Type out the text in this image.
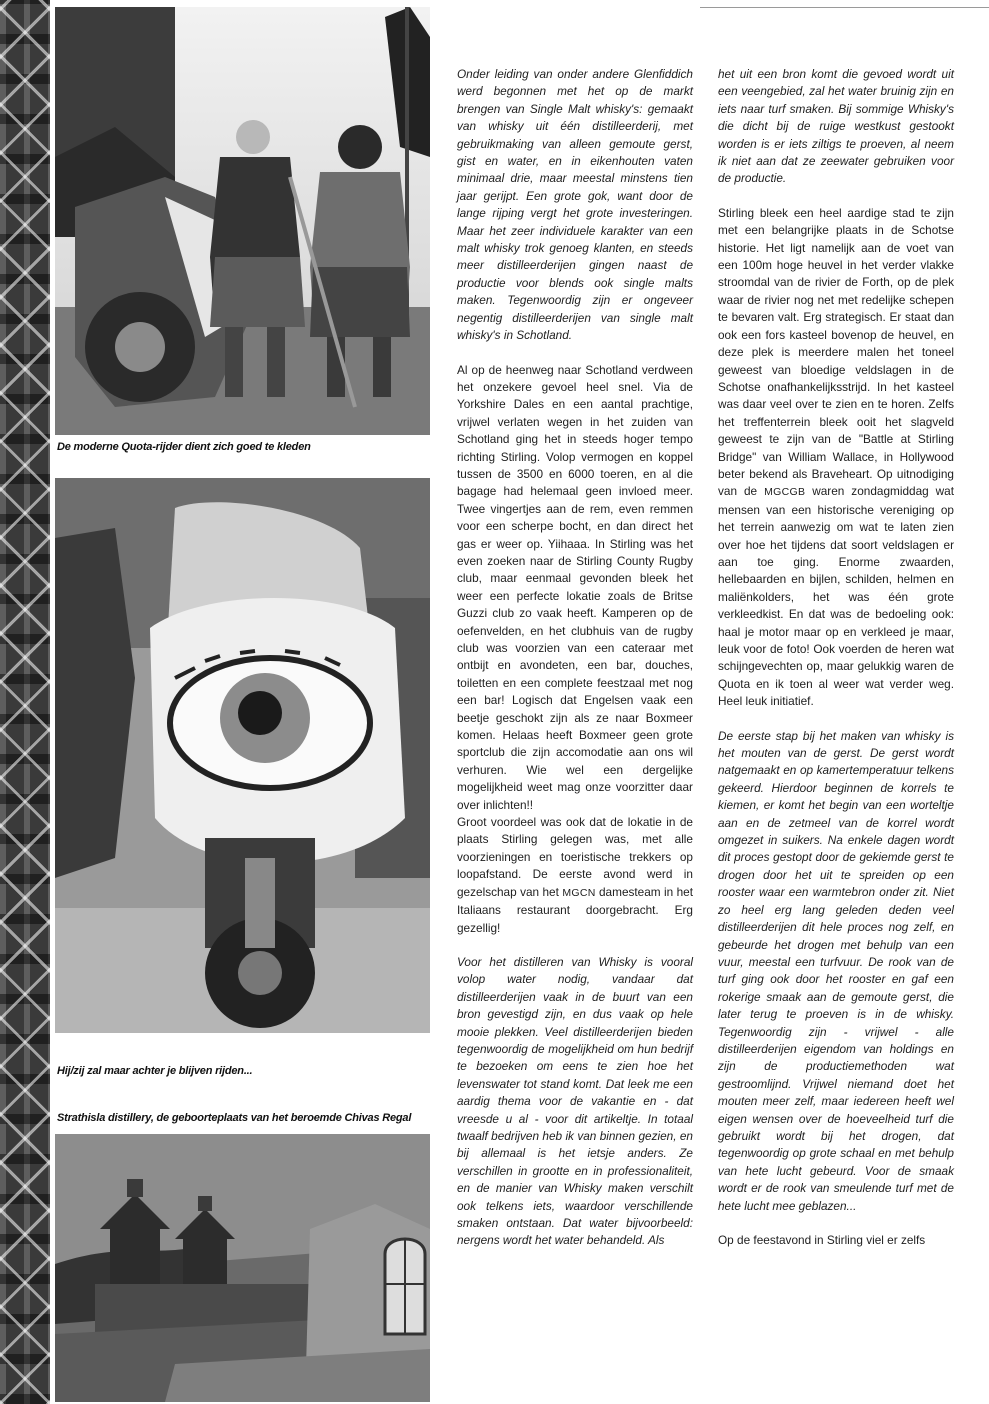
De moderne Quota-rijder dient zich goed te kleden
Hij/zij zal maar achter je blijven rijden...
Strathisla distillery, de geboorteplaats van het beroemde Chivas Regal

Onder leiding van onder andere Glenfiddich werd begonnen met het op de markt brengen van Single Malt whisky's: gemaakt van whisky uit één distilleerderij, met gebruikmaking van alleen gemoute gerst, gist en water, en in eikenhouten vaten minimaal drie, maar meestal minstens tien jaar gerijpt. Een grote gok, want door de lange rijping vergt het grote investeringen. Maar het zeer individuele karakter van een malt whisky trok genoeg klanten, en steeds meer distilleerderijen gingen naast de productie voor blends ook single malts maken. Tegenwoordig zijn er ongeveer negentig distilleerderijen van single malt whisky's in Schotland.

Al op de heenweg naar Schotland verdween het onzekere gevoel heel snel. Via de Yorkshire Dales en een aantal prachtige, vrijwel verlaten wegen in het zuiden van Schotland ging het in steeds hoger tempo richting Stirling. Volop vermogen en koppel tussen de 3500 en 6000 toeren, en al die bagage had helemaal geen invloed meer. Twee vingertjes aan de rem, even remmen voor een scherpe bocht, en dan direct het gas er weer op. Yiihaaa. In Stirling was het even zoeken naar de Stirling County Rugby club, maar eenmaal gevonden bleek het weer een perfecte lokatie zoals de Britse Guzzi club zo vaak heeft. Kamperen op de oefenvelden, en het clubhuis van de rugby club was voorzien van een cateraar met ontbijt en avondeten, een bar, douches, toiletten en een complete feestzaal met nog een bar! Logisch dat Engelsen vaak een beetje geschokt zijn als ze naar Boxmeer komen. Helaas heeft Boxmeer geen grote sportclub die zijn accomodatie aan ons wil verhuren. Wie wel een dergelijke mogelijkheid weet mag onze voorzitter daar over inlichten!!

Groot voordeel was ook dat de lokatie in de plaats Stirling gelegen was, met alle voorzieningen en toeristische trekkers op loopafstand. De eerste avond werd in gezelschap van het MGCN damesteam in het Italiaans restaurant doorgebracht. Erg gezellig!

Voor het distilleren van Whisky is vooral volop water nodig, vandaar dat distilleerderijen vaak in de buurt van een bron gevestigd zijn, en dus vaak op hele mooie plekken. Veel distilleerderijen bieden tegenwoordig de mogelijkheid om hun bedrijf te bezoeken om eens te zien hoe het levenswater tot stand komt. Dat leek me een aardig thema voor de vakantie en - dat vreesde u al - voor dit artikeltje. In totaal twaalf bedrijven heb ik van binnen gezien, en bij allemaal is het ietsje anders. Ze verschillen in grootte en in professionaliteit, en de manier van Whisky maken verschilt ook telkens iets, waardoor verschillende smaken ontstaan. Dat water bijvoorbeeld: nergens wordt het water behandeld. Als

het uit een bron komt die gevoed wordt uit een veengebied, zal het water bruinig zijn en iets naar turf smaken. Bij sommige Whisky's die dicht bij de ruige westkust gestookt worden is er iets ziltigs te proeven, al neem ik niet aan dat ze zeewater gebruiken voor de productie.

Stirling bleek een heel aardige stad te zijn met een belangrijke plaats in de Schotse historie. Het ligt namelijk aan de voet van een 100m hoge heuvel in het verder vlakke stroomdal van de rivier de Forth, op de plek waar de rivier nog net met redelijke schepen te bevaren valt. Erg strategisch. Er staat dan ook een fors kasteel bovenop de heuvel, en deze plek is meerdere malen het toneel geweest van bloedige veldslagen in de Schotse onafhankelijksstrijd. In het kasteel was daar veel over te zien en te horen. Zelfs het treffenterrein bleek ooit het slagveld geweest te zijn van de "Battle at Stirling Bridge" van William Wallace, in Hollywood beter bekend als Braveheart. Op uitnodiging van de MGCGB waren zondagmiddag wat mensen van een historische vereniging op het terrein aanwezig om wat te laten zien over hoe het tijdens dat soort veldslagen er aan toe ging. Enorme zwaarden, hellebaarden en bijlen, schilden, helmen en maliënkolders, het was één grote verkleedkist. En dat was de bedoeling ook: haal je motor maar op en verkleed je maar, leuk voor de foto! Ook voerden de heren wat schijngevechten op, maar gelukkig waren de Quota en ik toen al weer wat verder weg. Heel leuk initiatief.

De eerste stap bij het maken van whisky is het mouten van de gerst. De gerst wordt natgemaakt en op kamertemperatuur telkens gekeerd. Hierdoor beginnen de korrels te kiemen, er komt het begin van een worteltje aan en de zetmeel van de korrel wordt omgezet in suikers. Na enkele dagen wordt dit proces gestopt door de gekiemde gerst te drogen door het uit te spreiden op een rooster waar een warmtebron onder zit. Niet zo heel erg lang geleden deden veel distilleerderijen dit hele proces nog zelf, en gebeurde het drogen met behulp van een vuur, meestal een turfvuur. De rook van de turf ging ook door het rooster en gaf een rokerige smaak aan de gemoute gerst, die later terug te proeven is in de whisky. Tegenwoordig zijn - vrijwel - alle distilleerderijen eigendom van holdings en zijn de productiemethoden wat gestroomlijnd. Vrijwel niemand doet het mouten meer zelf, maar iedereen heeft wel eigen wensen over de hoeveelheid turf die gebruikt wordt bij het drogen, dat tegenwoordig op grote schaal en met behulp van hete lucht gebeurd. Voor de smaak wordt er de rook van smeulende turf met de hete lucht mee geblazen...

Op de feestavond in Stirling viel er zelfs
